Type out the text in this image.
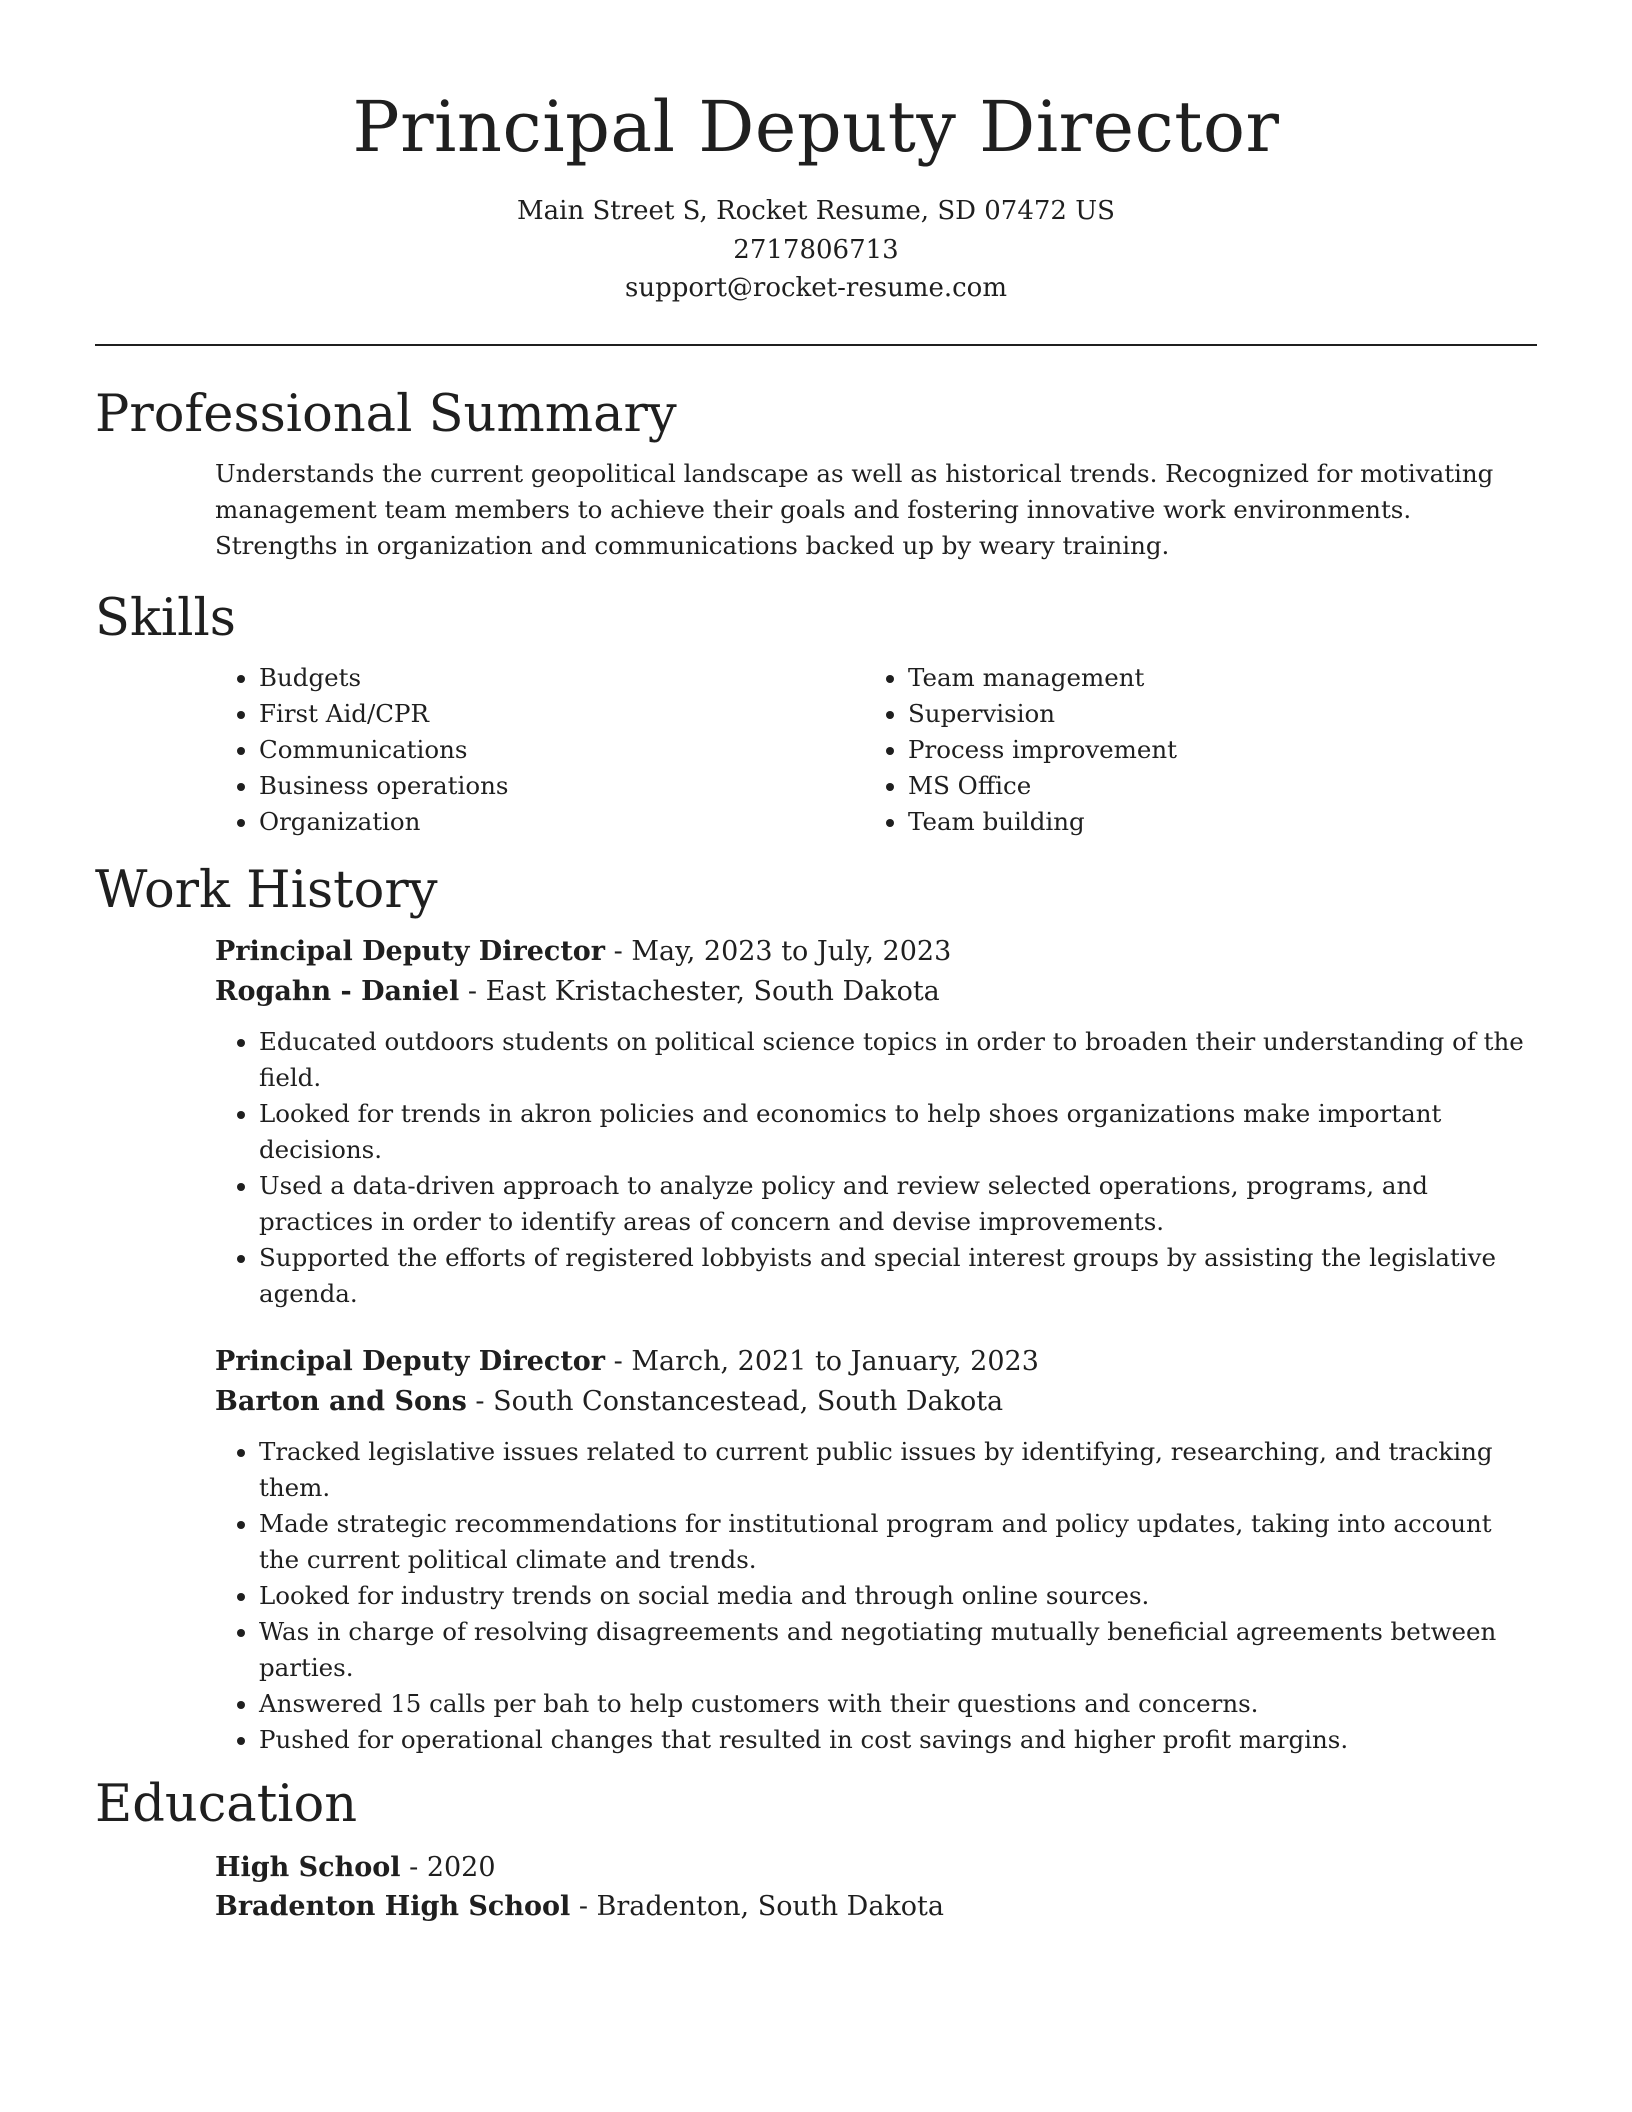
Principal Deputy Director
Main Street S, Rocket Resume, SD 07472 US
2717806713
support@rocket-resume.com
Professional Summary
Understands the current geopolitical landscape as well as historical trends. Recognized for motivating management team members to achieve their goals and fostering innovative work environments. Strengths in organization and communications backed up by weary training.
Skills
• Budgets
• First Aid/CPR
• Communications
• Business operations
• Organization
• Team management
• Supervision
• Process improvement
• MS Office
• Team building
Work History
Principal Deputy Director - May, 2023 to July, 2023
Rogahn - Daniel - East Kristachester, South Dakota
• Educated outdoors students on political science topics in order to broaden their understanding of the field.
• Looked for trends in akron policies and economics to help shoes organizations make important decisions.
• Used a data-driven approach to analyze policy and review selected operations, programs, and practices in order to identify areas of concern and devise improvements.
• Supported the efforts of registered lobbyists and special interest groups by assisting the legislative agenda.
Principal Deputy Director - March, 2021 to January, 2023
Barton and Sons - South Constancestead, South Dakota
• Tracked legislative issues related to current public issues by identifying, researching, and tracking them.
• Made strategic recommendations for institutional program and policy updates, taking into account the current political climate and trends.
• Looked for industry trends on social media and through online sources.
• Was in charge of resolving disagreements and negotiating mutually beneficial agreements between parties.
• Answered 15 calls per bah to help customers with their questions and concerns.
• Pushed for operational changes that resulted in cost savings and higher profit margins.
Education
High School - 2020
Bradenton High School - Bradenton, South Dakota
